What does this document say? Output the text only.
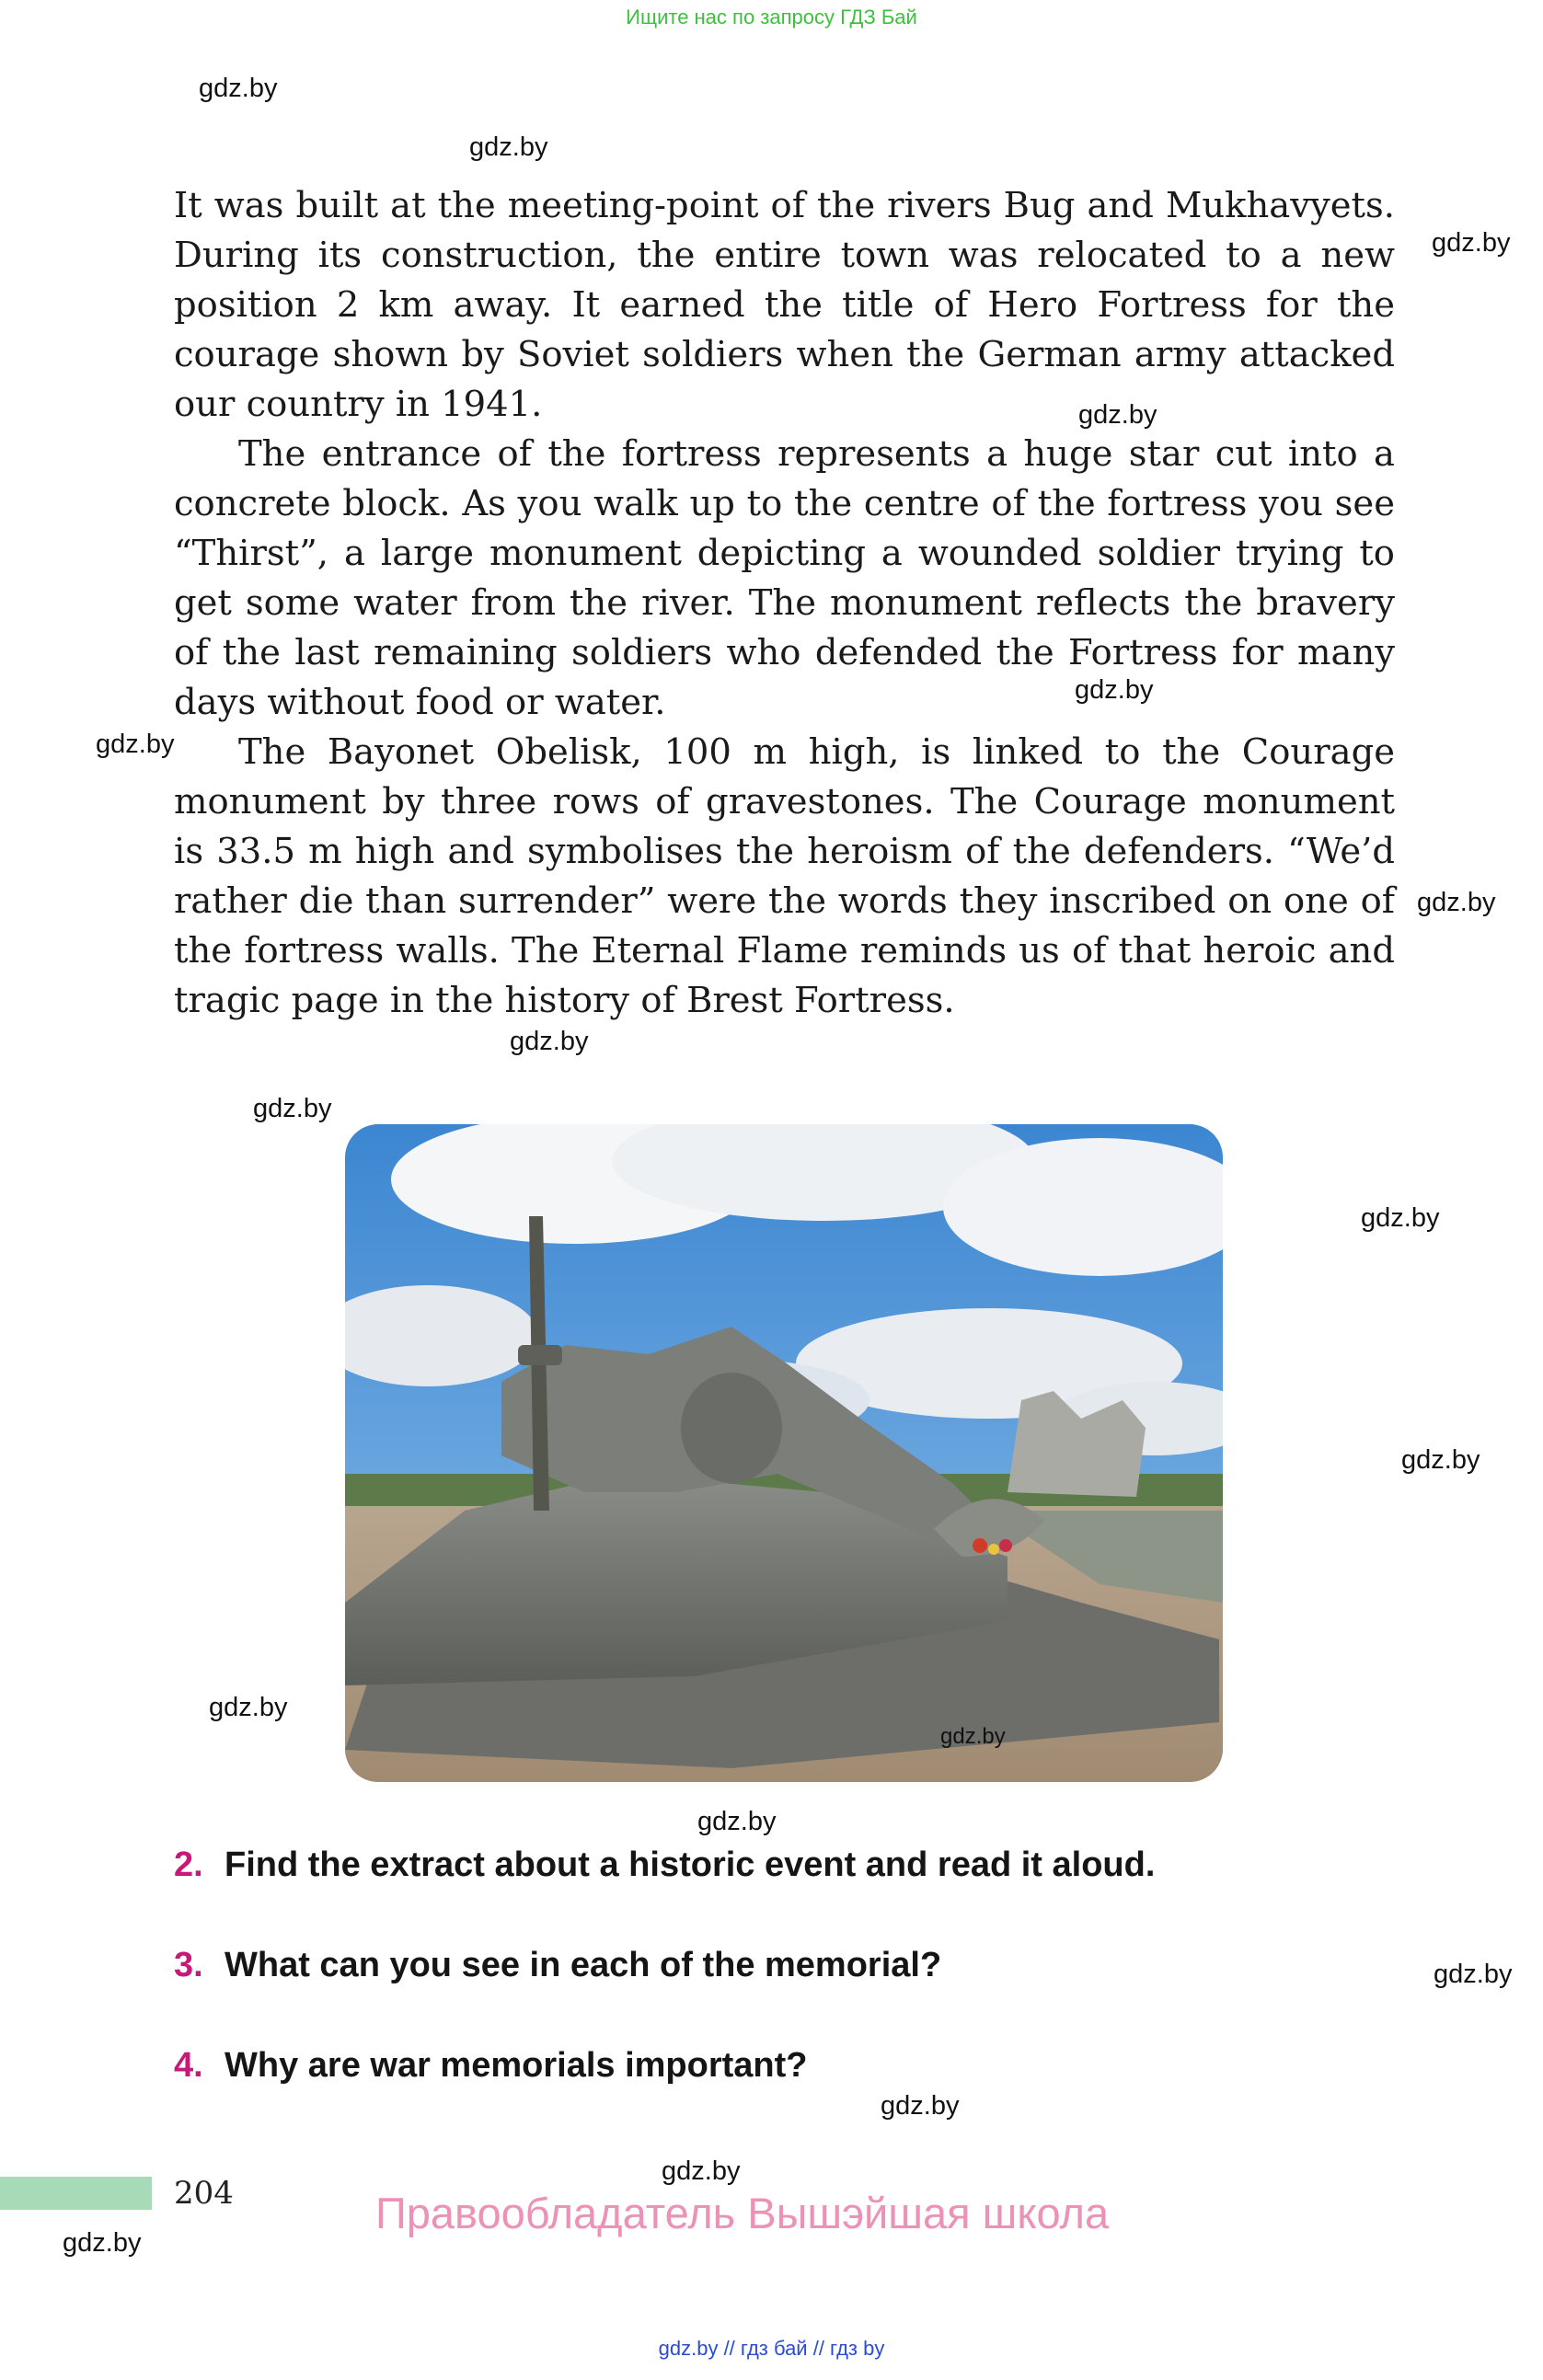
Ищите нас по запросу ГДЗ Бай
gdz.by
gdz.by
gdz.by
gdz.by
gdz.by
gdz.by
gdz.by
gdz.by
gdz.by
gdz.by
gdz.by
gdz.by
gdz.by
gdz.by
gdz.by
gdz.by
gdz.by

It was built at the meeting-point of the rivers Bug and Mukhavyets. During its construction, the entire town was relocated to a new position 2 km away. It earned the title of Hero Fortress for the courage shown by Soviet soldiers when the German army attacked our country in 1941.

The entrance of the fortress represents a huge star cut into a concrete block. As you walk up to the centre of the fortress you see “Thirst”, a large monument depicting a wounded soldier trying to get some water from the river. The monument reflects the bravery of the last remaining soldiers who defended the Fortress for many days without food or water.

The Bayonet Obelisk, 100 m high, is linked to the Courage monument by three rows of gravestones. The Courage monument is 33.5 m high and symbolises the heroism of the defenders. “We’d rather die than surrender” were the words they inscribed on one of the fortress walls. The Eternal Flame reminds us of that heroic and tragic page in the history of Brest Fortress.

gdz.by
2. Find the extract about a historic event and read it aloud.
3. What can you see in each of the memorial?
4. Why are war memorials important?
204	Правообладатель Вышэйшая школа
gdz.by // гдз бай // гдз by
